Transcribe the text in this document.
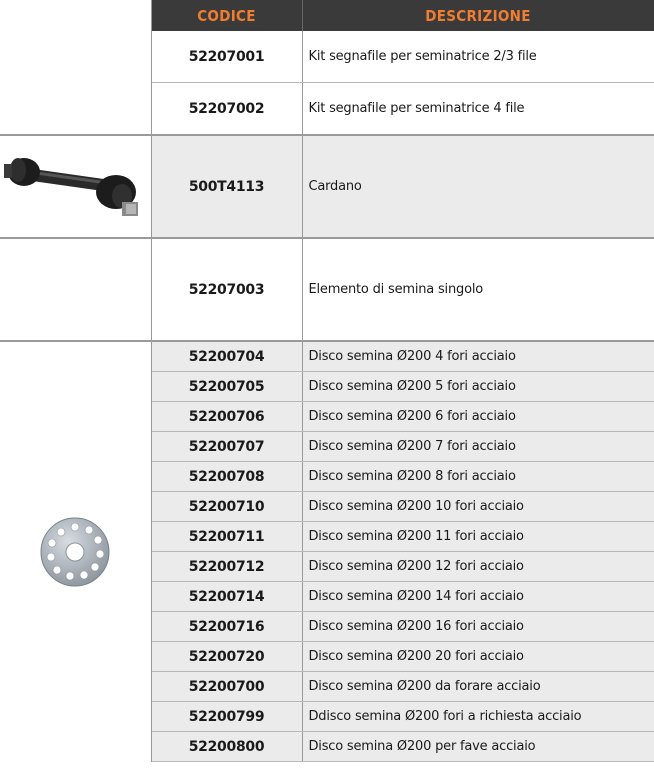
	CODICE	DESCRIZIONE
	52207001	Kit segnafile per seminatrice 2/3 file
	52207002	Kit segnafile per seminatrice 4 file

	500T4113	Cardano
	52207003	Elemento di semina singolo

	52200704	Disco semina Ø200 4 fori acciaio
	52200705	Disco semina Ø200 5 fori acciaio
	52200706	Disco semina Ø200 6 fori acciaio
	52200707	Disco semina Ø200 7 fori acciaio
	52200708	Disco semina Ø200 8 fori acciaio
	52200710	Disco semina Ø200 10 fori acciaio
	52200711	Disco semina Ø200 11 fori acciaio
	52200712	Disco semina Ø200 12 fori acciaio
	52200714	Disco semina Ø200 14 fori acciaio
	52200716	Disco semina Ø200 16 fori acciaio
	52200720	Disco semina Ø200 20 fori acciaio
	52200700	Disco semina Ø200 da forare acciaio
	52200799	Ddisco semina Ø200 fori a richiesta acciaio
	52200800	Disco semina Ø200 per fave acciaio
